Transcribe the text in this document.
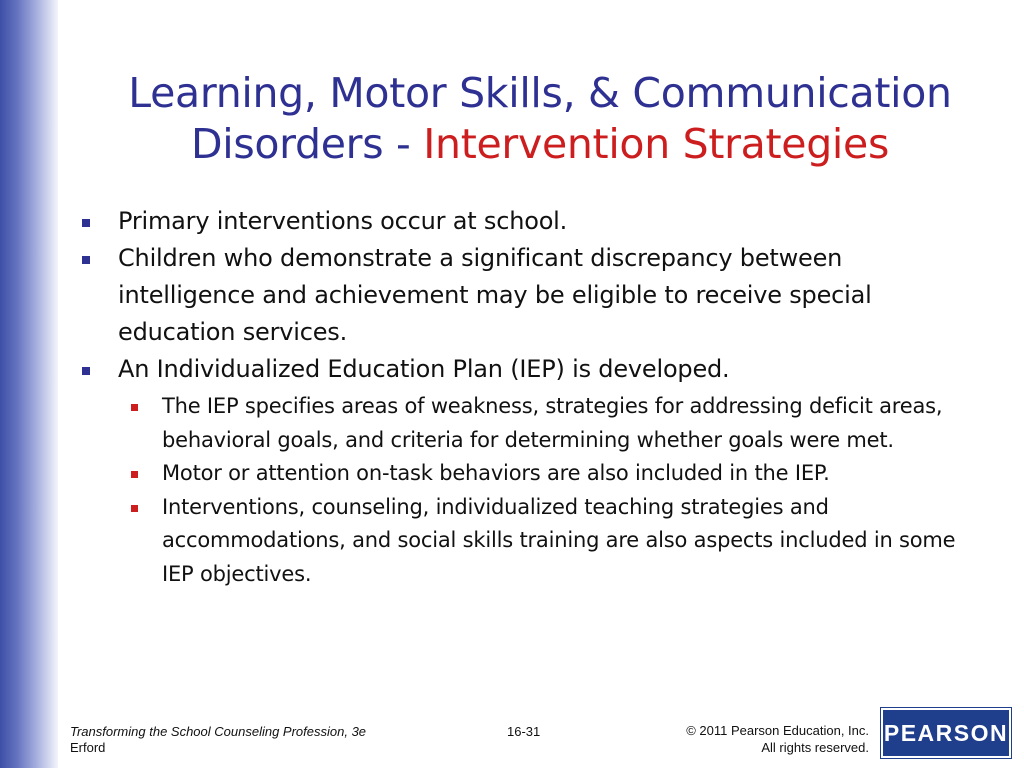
Learning, Motor Skills, & Communication Disorders - Intervention Strategies
Primary interventions occur at school.
Children who demonstrate a significant discrepancy between intelligence and achievement may be eligible to receive special education services.
An Individualized Education Plan (IEP) is developed.
The IEP specifies areas of weakness, strategies for addressing deficit areas, behavioral goals, and criteria for determining whether goals were met.
Motor or attention on-task behaviors are also included in the IEP.
Interventions, counseling, individualized teaching strategies and accommodations, and social skills training are also aspects included in some IEP objectives.
Transforming the School Counseling Profession, 3e
Erford
16-31	© 2011 Pearson Education, Inc.
All rights reserved.
PEARSON
